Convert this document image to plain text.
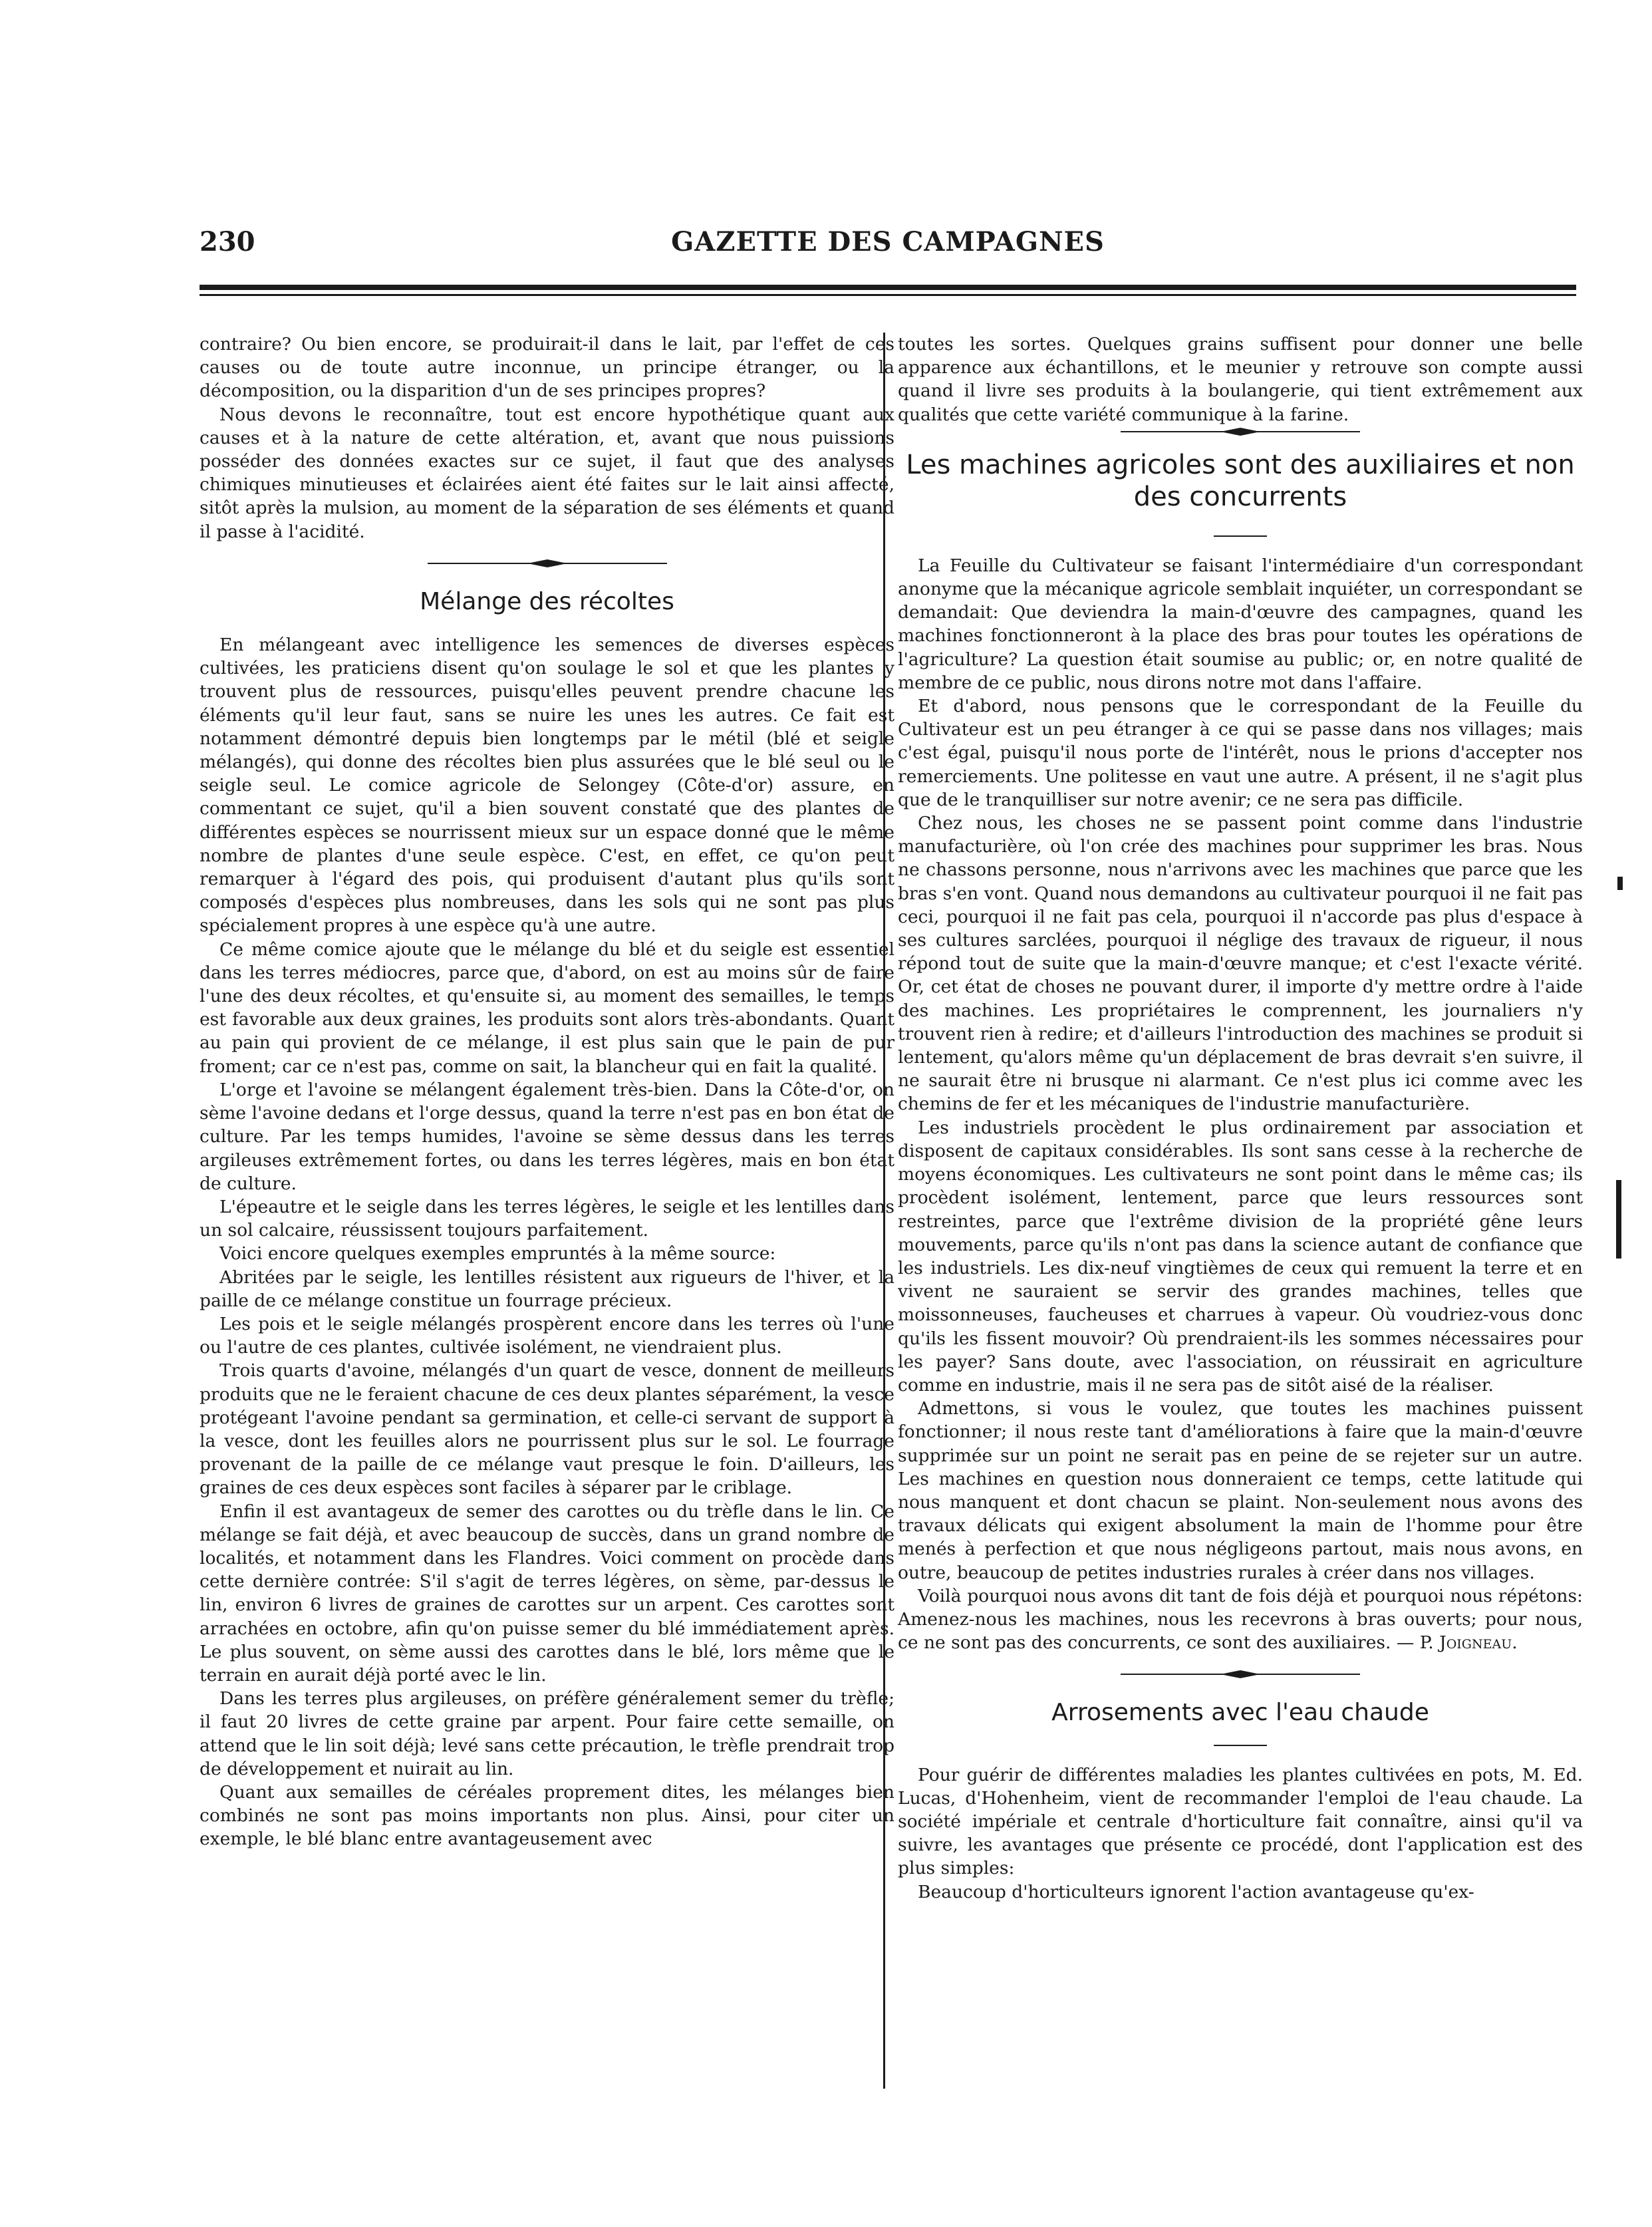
230	GAZETTE DES CAMPAGNES

contraire? Ou bien encore, se produirait-il dans le lait, par l'effet de ces causes ou de toute autre inconnue, un principe étranger, ou la décomposition, ou la disparition d'un de ses principes propres?

Nous devons le reconnaître, tout est encore hypothétique quant aux causes et à la nature de cette altération, et, avant que nous puissions posséder des données exactes sur ce sujet, il faut que des analyses chimiques minutieuses et éclairées aient été faites sur le lait ainsi affecté, sitôt après la mulsion, au moment de la séparation de ses éléments et quand il passe à l'acidité.

Mélange des récoltes

En mélangeant avec intelligence les semences de diverses espèces cultivées, les praticiens disent qu'on soulage le sol et que les plantes y trouvent plus de ressources, puisqu'elles peuvent prendre chacune les éléments qu'il leur faut, sans se nuire les unes les autres. Ce fait est notamment démontré depuis bien longtemps par le métil (blé et seigle mélangés), qui donne des récoltes bien plus assurées que le blé seul ou le seigle seul. Le comice agricole de Selongey (Côte-d'or) assure, en commentant ce sujet, qu'il a bien souvent constaté que des plantes de différentes espèces se nourrissent mieux sur un espace donné que le même nombre de plantes d'une seule espèce. C'est, en effet, ce qu'on peut remarquer à l'égard des pois, qui produisent d'autant plus qu'ils sont composés d'espèces plus nombreuses, dans les sols qui ne sont pas plus spécialement propres à une espèce qu'à une autre.

Ce même comice ajoute que le mélange du blé et du seigle est essentiel dans les terres médiocres, parce que, d'abord, on est au moins sûr de faire l'une des deux récoltes, et qu'ensuite si, au moment des semailles, le temps est favorable aux deux graines, les produits sont alors très-abondants. Quant au pain qui provient de ce mélange, il est plus sain que le pain de pur froment; car ce n'est pas, comme on sait, la blancheur qui en fait la qualité.

L'orge et l'avoine se mélangent également très-bien. Dans la Côte-d'or, on sème l'avoine dedans et l'orge dessus, quand la terre n'est pas en bon état de culture. Par les temps humides, l'avoine se sème dessus dans les terres argileuses extrêmement fortes, ou dans les terres légères, mais en bon état de culture.

L'épeautre et le seigle dans les terres légères, le seigle et les lentilles dans un sol calcaire, réussissent toujours parfaitement.

Voici encore quelques exemples empruntés à la même source:

Abritées par le seigle, les lentilles résistent aux rigueurs de l'hiver, et la paille de ce mélange constitue un fourrage précieux.

Les pois et le seigle mélangés prospèrent encore dans les terres où l'une ou l'autre de ces plantes, cultivée isolément, ne viendraient plus.

Trois quarts d'avoine, mélangés d'un quart de vesce, donnent de meilleurs produits que ne le feraient chacune de ces deux plantes séparément, la vesce protégeant l'avoine pendant sa germination, et celle-ci servant de support à la vesce, dont les feuilles alors ne pourrissent plus sur le sol. Le fourrage provenant de la paille de ce mélange vaut presque le foin. D'ailleurs, les graines de ces deux espèces sont faciles à séparer par le criblage.

Enfin il est avantageux de semer des carottes ou du trèfle dans le lin. Ce mélange se fait déjà, et avec beaucoup de succès, dans un grand nombre de localités, et notamment dans les Flandres. Voici comment on procède dans cette dernière contrée: S'il s'agit de terres légères, on sème, par-dessus le lin, environ 6 livres de graines de carottes sur un arpent. Ces carottes sont arrachées en octobre, afin qu'on puisse semer du blé immédiatement après. Le plus souvent, on sème aussi des carottes dans le blé, lors même que le terrain en aurait déjà porté avec le lin.

Dans les terres plus argileuses, on préfère généralement semer du trèfle; il faut 20 livres de cette graine par arpent. Pour faire cette semaille, on attend que le lin soit déjà; levé sans cette précaution, le trèfle prendrait trop de développement et nuirait au lin.

Quant aux semailles de céréales proprement dites, les mélanges bien combinés ne sont pas moins importants non plus. Ainsi, pour citer un exemple, le blé blanc entre avantageusement avec

toutes les sortes. Quelques grains suffisent pour donner une belle apparence aux échantillons, et le meunier y retrouve son compte aussi quand il livre ses produits à la boulangerie, qui tient extrêmement aux qualités que cette variété communique à la farine.

Les machines agricoles sont des auxiliaires et non des concurrents

La Feuille du Cultivateur se faisant l'intermédiaire d'un correspondant anonyme que la mécanique agricole semblait inquiéter, un correspondant se demandait: Que deviendra la main-d'œuvre des campagnes, quand les machines fonctionneront à la place des bras pour toutes les opérations de l'agriculture? La question était soumise au public; or, en notre qualité de membre de ce public, nous dirons notre mot dans l'affaire.

Et d'abord, nous pensons que le correspondant de la Feuille du Cultivateur est un peu étranger à ce qui se passe dans nos villages; mais c'est égal, puisqu'il nous porte de l'intérêt, nous le prions d'accepter nos remerciements. Une politesse en vaut une autre. A présent, il ne s'agit plus que de le tranquilliser sur notre avenir; ce ne sera pas difficile.

Chez nous, les choses ne se passent point comme dans l'industrie manufacturière, où l'on crée des machines pour supprimer les bras. Nous ne chassons personne, nous n'arrivons avec les machines que parce que les bras s'en vont. Quand nous demandons au cultivateur pourquoi il ne fait pas ceci, pourquoi il ne fait pas cela, pourquoi il n'accorde pas plus d'espace à ses cultures sarclées, pourquoi il néglige des travaux de rigueur, il nous répond tout de suite que la main-d'œuvre manque; et c'est l'exacte vérité. Or, cet état de choses ne pouvant durer, il importe d'y mettre ordre à l'aide des machines. Les propriétaires le comprennent, les journaliers n'y trouvent rien à redire; et d'ailleurs l'introduction des machines se produit si lentement, qu'alors même qu'un déplacement de bras devrait s'en suivre, il ne saurait être ni brusque ni alarmant. Ce n'est plus ici comme avec les chemins de fer et les mécaniques de l'industrie manufacturière.

Les industriels procèdent le plus ordinairement par association et disposent de capitaux considérables. Ils sont sans cesse à la recherche de moyens économiques. Les cultivateurs ne sont point dans le même cas; ils procèdent isolément, lentement, parce que leurs ressources sont restreintes, parce que l'extrême division de la propriété gêne leurs mouvements, parce qu'ils n'ont pas dans la science autant de confiance que les industriels. Les dix-neuf vingtièmes de ceux qui remuent la terre et en vivent ne sauraient se servir des grandes machines, telles que moissonneuses, faucheuses et charrues à vapeur. Où voudriez-vous donc qu'ils les fissent mouvoir? Où prendraient-ils les sommes nécessaires pour les payer? Sans doute, avec l'association, on réussirait en agriculture comme en industrie, mais il ne sera pas de sitôt aisé de la réaliser.

Admettons, si vous le voulez, que toutes les machines puissent fonctionner; il nous reste tant d'améliorations à faire que la main-d'œuvre supprimée sur un point ne serait pas en peine de se rejeter sur un autre. Les machines en question nous donneraient ce temps, cette latitude qui nous manquent et dont chacun se plaint. Non-seulement nous avons des travaux délicats qui exigent absolument la main de l'homme pour être menés à perfection et que nous négligeons partout, mais nous avons, en outre, beaucoup de petites industries rurales à créer dans nos villages.

Voilà pourquoi nous avons dit tant de fois déjà et pourquoi nous répétons: Amenez-nous les machines, nous les recevrons à bras ouverts; pour nous, ce ne sont pas des concurrents, ce sont des auxiliaires. — P. Joigneau.

Arrosements avec l'eau chaude

Pour guérir de différentes maladies les plantes cultivées en pots, M. Ed. Lucas, d'Hohenheim, vient de recommander l'emploi de l'eau chaude. La société impériale et centrale d'horticulture fait connaître, ainsi qu'il va suivre, les avantages que présente ce procédé, dont l'application est des plus simples:

Beaucoup d'horticulteurs ignorent l'action avantageuse qu'ex-
